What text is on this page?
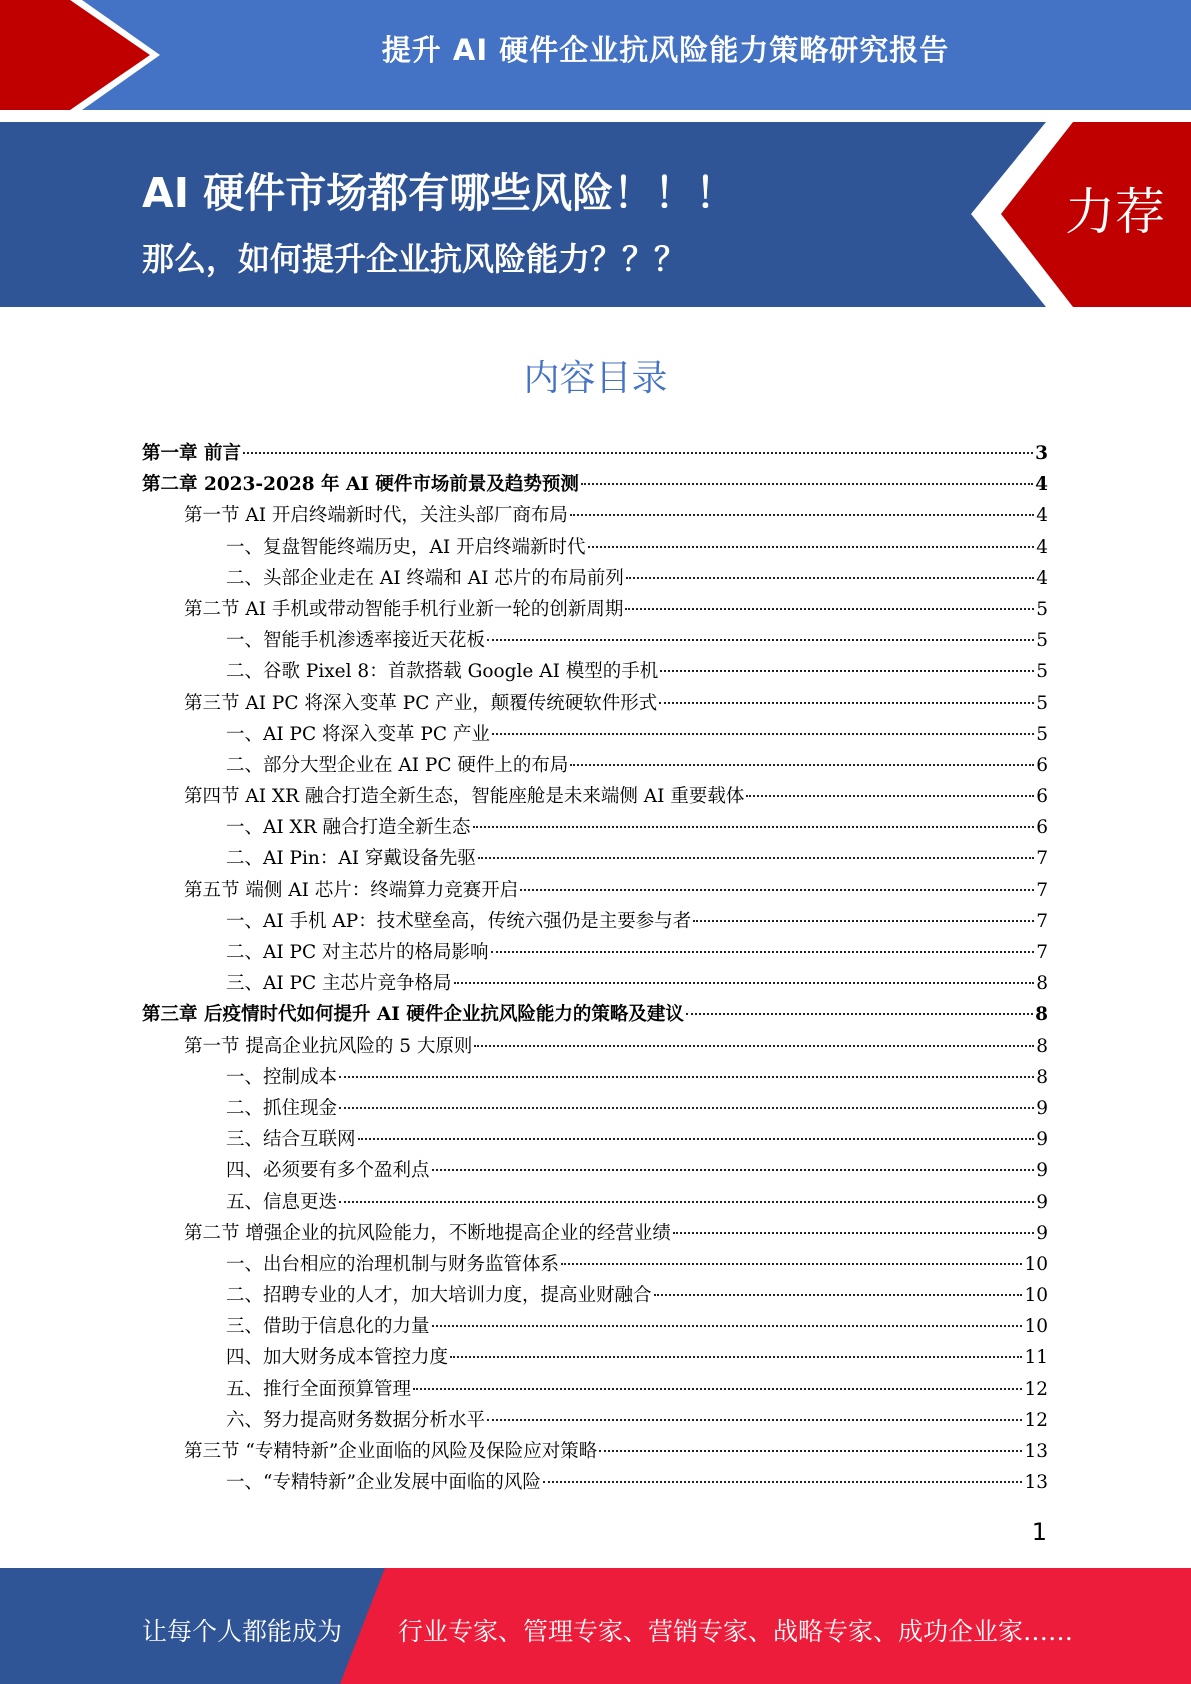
提升 AI 硬件企业抗风险能力策略研究报告
AI 硬件市场都有哪些风险！！！
那么，如何提升企业抗风险能力？？？
力荐
内容目录
第一章 前言	3
第二章 2023-2028 年 AI 硬件市场前景及趋势预测	4
第一节 AI 开启终端新时代，关注头部厂商布局	4
一、复盘智能终端历史，AI 开启终端新时代	4
二、头部企业走在 AI 终端和 AI 芯片的布局前列	4
第二节 AI 手机或带动智能手机行业新一轮的创新周期	5
一、智能手机渗透率接近天花板	5
二、谷歌 Pixel 8：首款搭载 Google AI 模型的手机	5
第三节 AI PC 将深入变革 PC 产业，颠覆传统硬软件形式	5
一、AI PC 将深入变革 PC 产业	5
二、部分大型企业在 AI PC 硬件上的布局	6
第四节 AI XR 融合打造全新生态，智能座舱是未来端侧 AI 重要载体	6
一、AI XR 融合打造全新生态	6
二、AI Pin：AI 穿戴设备先驱	7
第五节 端侧 AI 芯片：终端算力竞赛开启	7
一、AI 手机 AP：技术壁垒高，传统六强仍是主要参与者	7
二、AI PC 对主芯片的格局影响	7
三、AI PC 主芯片竞争格局	8
第三章 后疫情时代如何提升 AI 硬件企业抗风险能力的策略及建议	8
第一节 提高企业抗风险的 5 大原则	8
一、控制成本	8
二、抓住现金	9
三、结合互联网	9
四、必须要有多个盈利点	9
五、信息更迭	9
第二节 增强企业的抗风险能力，不断地提高企业的经营业绩	9
一、出台相应的治理机制与财务监管体系	10
二、招聘专业的人才，加大培训力度，提高业财融合	10
三、借助于信息化的力量	10
四、加大财务成本管控力度	11
五、推行全面预算管理	12
六、努力提高财务数据分析水平	12
第三节 “专精特新”企业面临的风险及保险应对策略	13
一、“专精特新”企业发展中面临的风险	13
1
让每个人都能成为 行业专家、管理专家、营销专家、战略专家、成功企业家……
